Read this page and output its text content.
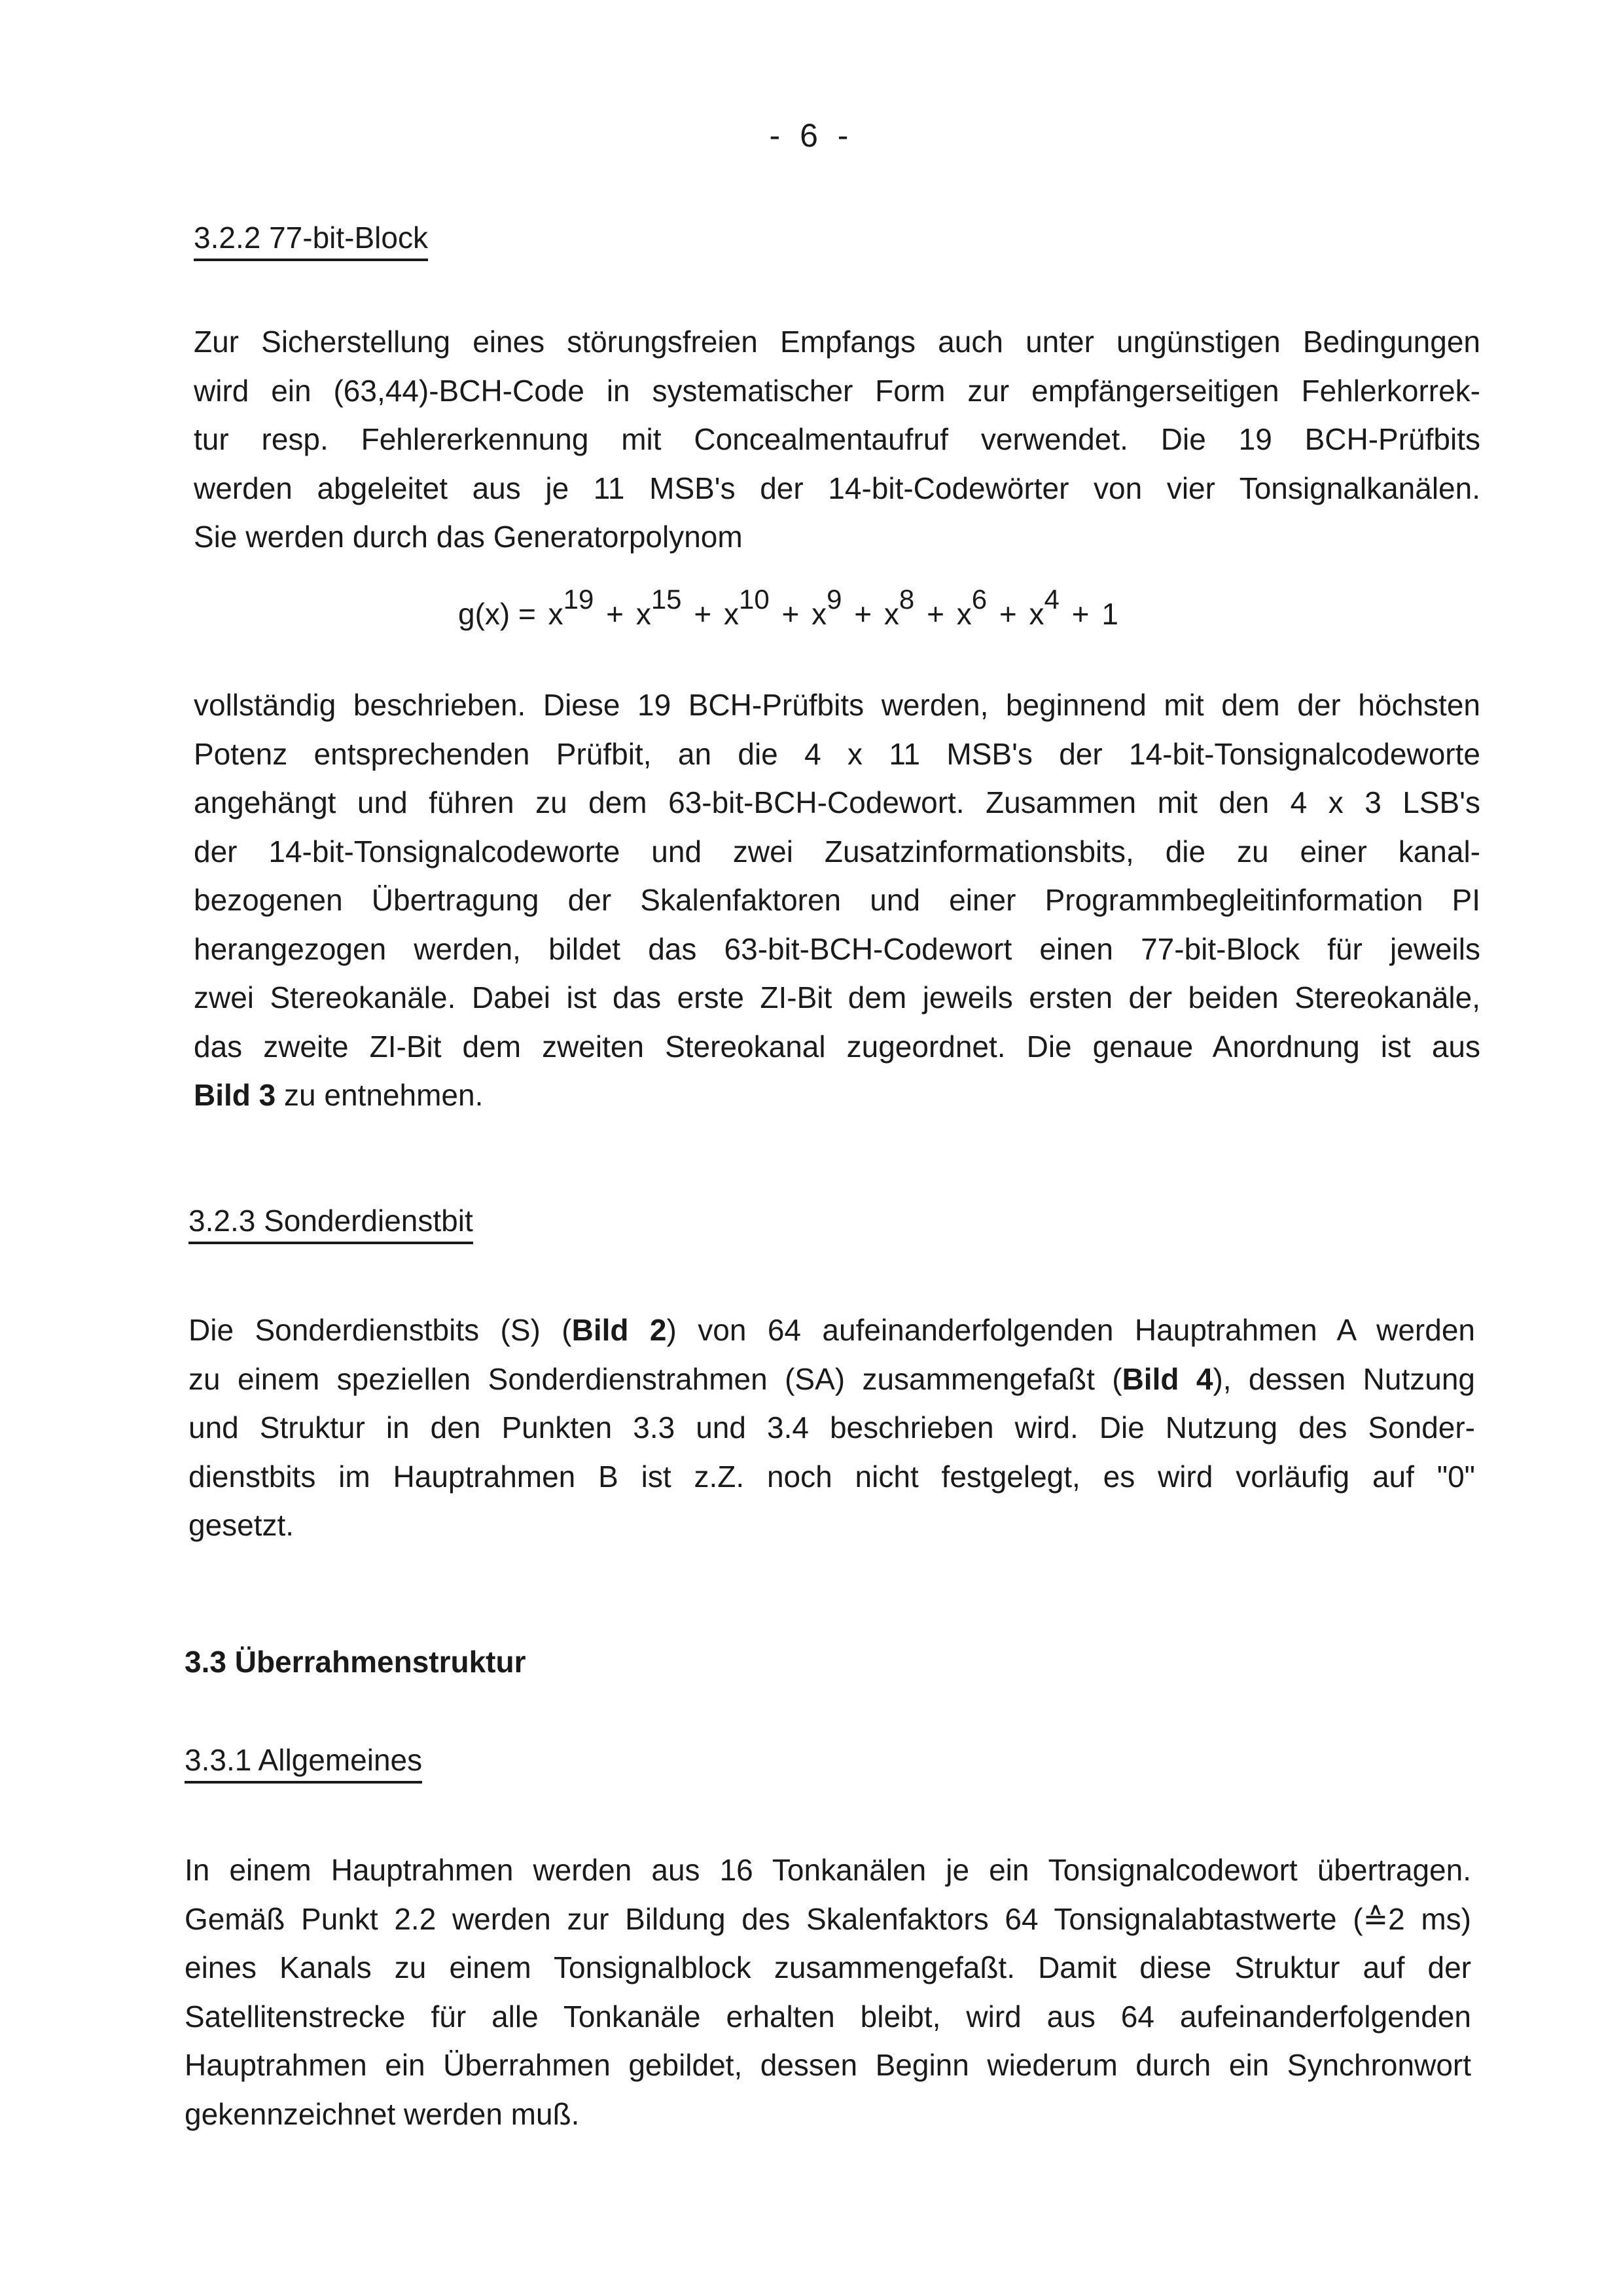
- 6 -
3.2.2 77-bit-Block
Zur Sicherstellung eines störungsfreien Empfangs auch unter ungünstigen Bedingungen
wird ein (63,44)-BCH-Code in systematischer Form zur empfängerseitigen Fehlerkorrek-
tur resp. Fehlererkennung mit Concealmentaufruf verwendet. Die 19 BCH-Prüfbits
werden abgeleitet aus je 11 MSB's der 14-bit-Codewörter von vier Tonsignalkanälen.
Sie werden durch das Generatorpolynom
$g(x) = x^{19} + x^{15} + x^{10} + x^9 + x^8 + x^6 + x^4 + 1$
vollständig beschrieben. Diese 19 BCH-Prüfbits werden, beginnend mit dem der höchsten
Potenz entsprechenden Prüfbit, an die 4 x 11 MSB's der 14-bit-Tonsignalcodeworte
angehängt und führen zu dem 63-bit-BCH-Codewort. Zusammen mit den 4 x 3 LSB's
der 14-bit-Tonsignalcodeworte und zwei Zusatzinformationsbits, die zu einer kanal-
bezogenen Übertragung der Skalenfaktoren und einer Programmbegleitinformation PI
herangezogen werden, bildet das 63-bit-BCH-Codewort einen 77-bit-Block für jeweils
zwei Stereokanäle. Dabei ist das erste ZI-Bit dem jeweils ersten der beiden Stereokanäle,
das zweite ZI-Bit dem zweiten Stereokanal zugeordnet. Die genaue Anordnung ist aus
Bild 3 zu entnehmen.
3.2.3 Sonderdienstbit
Die Sonderdienstbits (S) (Bild 2) von 64 aufeinanderfolgenden Hauptrahmen A werden
zu einem speziellen Sonderdienstrahmen (SA) zusammengefaßt (Bild 4), dessen Nutzung
und Struktur in den Punkten 3.3 und 3.4 beschrieben wird. Die Nutzung des Sonder-
dienstbits im Hauptrahmen B ist z.Z. noch nicht festgelegt, es wird vorläufig auf "0"
gesetzt.
3.3 Überrahmenstruktur
3.3.1 Allgemeines
In einem Hauptrahmen werden aus 16 Tonkanälen je ein Tonsignalcodewort übertragen.
Gemäß Punkt 2.2 werden zur Bildung des Skalenfaktors 64 Tonsignalabtastwerte (≙2 ms)
eines Kanals zu einem Tonsignalblock zusammengefaßt. Damit diese Struktur auf der
Satellitenstrecke für alle Tonkanäle erhalten bleibt, wird aus 64 aufeinanderfolgenden
Hauptrahmen ein Überrahmen gebildet, dessen Beginn wiederum durch ein Synchronwort
gekennzeichnet werden muß.
